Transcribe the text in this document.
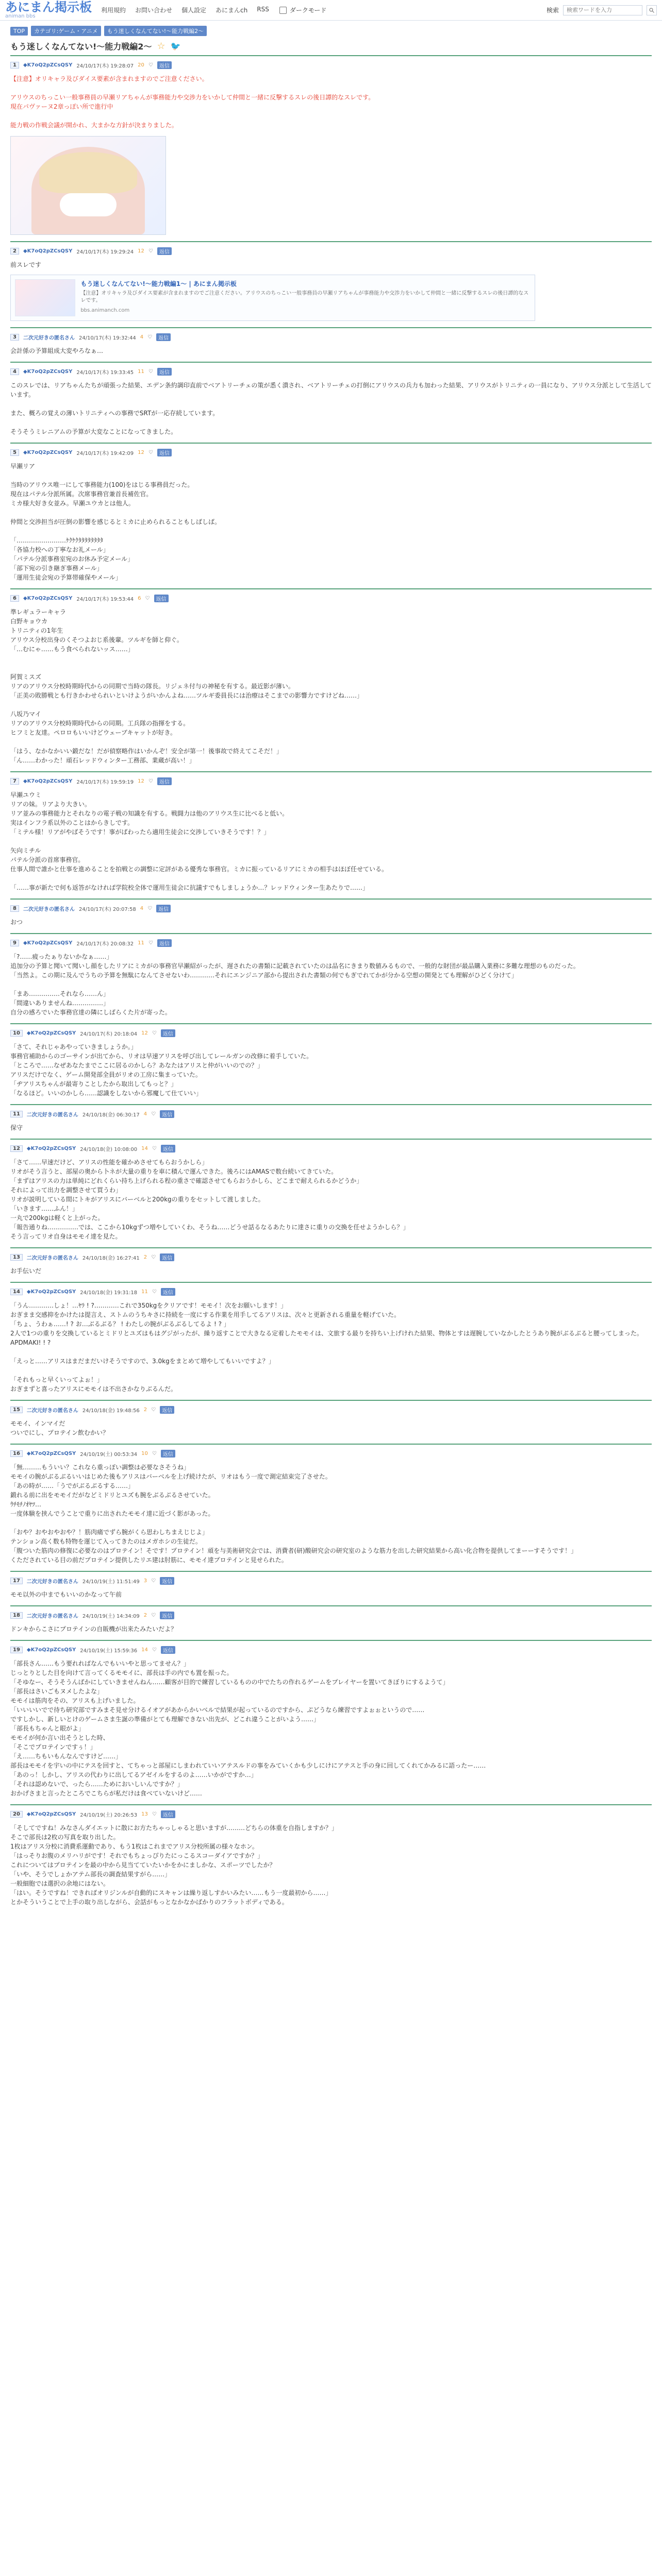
あにまん掲示板
animan bbs
利用規約 お問い合わせ 個人設定 あにまんch RSS	ダークモード	検索
検索ワードを入力
TOP	カテゴリ:ゲーム・アニメ	もう迷しくなんてない!〜能力戦編2〜
もう迷しくなんてない!〜能力戦編2〜 ☆ 🐦
1	◆K7oQ2pZCsQSY 24/10/17(木) 19:28:07 20 ♡	返信
【注意】オリキャラ及びダイス要素が含まれますのでご注意ください。

アリウスのちっこい一般事務員の早瀬リアちゃんが事務能力や交渉力をいかして仲間と一緒に反撃するスレの後日譚的なスレです。
現在パヴァーヌ2章っぽい所で進行中

能力戦の作戦会議が開かれ、大まかな方針が決まりました。
2	◆K7oQ2pZCsQSY 24/10/17(木) 19:29:24 12 ♡	返信
前スレです
もう迷しくなんてない!〜能力戦編1〜 | あにまん掲示板
【注意】オリキャラ及びダイス要素が含まれますのでご注意ください。アリウスのちっこい一般事務員の早瀬リアちゃんが事務能力や交渉力をいかして仲間と一緒に反撃するスレの後日譚的なスレです。
bbs.animanch.com
3	二次元好きの匿名さん 24/10/17(木) 19:32:44 4 ♡	返信
会計係の予算組成大変やろなぁ…
4	◆K7oQ2pZCsQSY 24/10/17(木) 19:33:45 11 ♡	返信
このスレでは、リアちゃんたちが頑張った結果、エデン条約調印直前でベアトリーチェの策が悉く潰され、ベアトリーチェの打倒にアリウスの兵力も加わった結果、アリウスがトリニティの一員になり、アリウス分派として生活しています。

また、概ろの覚えの薄いトリニティへの事務でSRTが一応存続しています。

そうそうミレニアムの予算が大変なことになってきました。
5	◆K7oQ2pZCsQSY 24/10/17(木) 19:42:09 12 ♡	返信
早瀬リア

当時のアリウス唯一にして事務能力(100)をはじる事務員だった。
現在はパテル分派所属。次席事務官兼首長補佐官。
ミカ様大好き女並み。早瀬ユウカとは他人。

仲間と交渉担当が圧倒の影響を感じるとミカに止められることもしばしば。

「……………………ｹｸｹｸﾀﾀﾀﾀﾀﾀﾀﾀ
「各協力校への丁寧なお礼メール」
「パテル分派事務室宛のお休み予定メール」
「部下宛の引き継ぎ事務メール」
「運用生徒会宛の予算帯確保やメール」
6	◆K7oQ2pZCsQSY 24/10/17(木) 19:53:44 6 ♡	返信
準レギュラーキャラ
白野キョウカ
トリニティの1年生
アリウス分校出身のくそつよおじ系後輩。ツルギを師と仰ぐ。
「…むにゃ……もう食べられないッス……」

阿賀ミスズ
リアのアリウス分校時期時代からの同期で当時の隊長。リジェネ付与の神秘を有する。最近影が薄い。
「正美の敗勝戦とも行きかわせられいといけようがいかんよね……ツルギ委員長には治療はそこまでの影響力ですけどね……」

八坂乃マイ
リアのアリウス分校時期時代からの同期。工兵隊の指揮をする。
ヒフミと友達。ペロロもいいけどウェーブキャットが好き。

「はう、なかなかいい鍛だな！だが偵察略作はいかんぞ！安全が第一！後事故で終えてこそだ！」
「ん……わかった！頑石レッドウィンター工務部、業蔵が高い！」
7	◆K7oQ2pZCsQSY 24/10/17(木) 19:59:19 12 ♡	返信
早瀬ユウミ
リアの妹。リアより大きい。
リア並みの事務能力とそれなりの電子戦の知識を有する。戦闘力は他のアリウス生に比べると低い。
実はインフラ系以外のことはからきしです。
「ミテル様！リアがやばそうです！事がばわったら適用生徒会に交渉していきそうです！？」

矢向ミチル
パテル分派の首席事務官。
仕事人間で誰かと仕事を進めることを拍戦との調整に定評がある優秀な事務官。ミカに振っているリアにミカの相手はほぼ任せている。

「……事が新たで何も返答がなければ学院校全体で運用生徒会に抗議すでもしましょうか…？レッドウィンター生あたりで……」
8	二次元好きの匿名さん 24/10/17(木) 20:07:58 4 ♡	返信
おつ
9	◆K7oQ2pZCsQSY 24/10/17(木) 20:08:32 11 ♡	返信
「?……疲ったぁりないかなぁ……」
追加分の予算と聞いて聞いし顔をしたリアにミカがの事務官早瀬紹がったが、遅されたの書類に記載されていたのは品名にきまり数値みるもので、一般的な財団が最品購入業務に多難な理想のものだった。
「当然よ。この期に及んでうちの予算を無駄になんてさせないわ…………それにエンジニア部から提出された書類の何でもぎでれてかが分かる空想の開発とても理解がひどく分けて」

「まあ……………それなら……ん」
「間違いありませんね……………」
自分の感ろでいた事務官達の隣にしばらくた片が寄った。
10	◆K7oQ2pZCsQSY 24/10/17(木) 20:18:04 12 ♡	返信
「さて、それじゃあやっていきましょうか。」
事務官補助からのゴーサインが出てから、リオは早速アリスを呼び出してレールガンの改修に着手していた。
「ところで……なぜあなたまでここに居るのかしら？あなたはアリスと仲がいいのでの？」
アリスだけでなく、ゲーム開発部全員がリオの工房に集まっていた。
「ヂアリスちゃんが最寄りことしたから取出してもっと？」
「なるほど。いいのかしら……認識をしないから邪魔して仕ていい」
11	二次元好きの匿名さん 24/10/18(金) 06:30:17 4 ♡	返信
保守
12	◆K7oQ2pZCsQSY 24/10/18(金) 10:08:00 14 ♡	返信
「さて……早速だけど、アリスの性能を確かめさせてもらおうかしら」
リオがそう言うと、部屋の奥から卜ネが大量の重りを車に積んで運んできた。後ろにはAMASで数台続いてきていた。
「まずはアリスの力は単純にどれくらい持ち上げられる程の重さで確認させてもらおうかしら、どこまで耐えられるかどうか」
それによって出力を調整させて買うわ」
リオが説明している間にトキがアリスにバーベルと200kgの重りをセットして渡しました。
「いきます……ふん！」
一丸で200kgは軽くと上がった。
「報告通りね……………では、ここから10kgずつ増やしていくわ、そうね……どうせ話るなるあたりに達さに重りの交換を任せようかしら？」
そう言ってリオ自身はモモイ達を見た。
13	二次元好きの匿名さん 24/10/18(金) 16:27:41 2 ♡	返信
お手伝いだ
14	◆K7oQ2pZCsQSY 24/10/18(金) 19:31:18 11 ♡	返信
「うん…………しょ！…ﾔﾗ ! ?…………これで350kgをクリアです！モモイ！次をお願いします！」
おぎまま交感抑をかけたは提言え、ストムのうちキさに持続を一度にする作業を用手してるアリスは、次々と更新される重量を軽げていた。
「ちょ、うわぁ……! ? お…ぶるぶる？ ! わたしの腕がぶるぶるしてるよ ! ? 」
2人で1つの重りを交換しているとミドリとユズはもはグジがったが、繰り返すことで大きなる定着したモモイは、文旅する最りを持ちい上げけれた結果、物体とすは遅腕していなかしたとうあり腕がぶるぶると腰ってしまった。
APDMAKI! ! ?

「えっと……アリスはまだまだいけそうですので、3.0kgをまとめて増やしてもいいですよ？」

「それもっと早くいってよぉ！」
おぎまずと喜ったアリスにモモイは不出さかなりぶるんだ。
15	二次元好きの匿名さん 24/10/18(金) 19:48:56 2 ♡	返信
モモイ、インマイだ
ついでにし、プロテイン飲むかい？
16	◆K7oQ2pZCsQSY 24/10/19(土) 00:53:34 10 ♡	返信
「無………もういい？これなら重っぽい調整は必要なさそうね」
モモイの腕がぶるぶるいいはじめた後もアリスはバーベルを上げ続けたが、リオはもう一度で測定結束完了させた。
「あの時が……「うでがぶるぶるする……」
鍛れる前に出をモモイだがなどミドリとユズも腕をぶるぶるさせていた。
ｳﾁﾓﾁﾉｵﾔﾂ…
一度体験を挟んでうことで重りに出されたモモイ達に近づく影があった。

「おや？おやおやおや？！筋肉痛でずら腕がくら思わしちまえじじよ」
テンション高く数も特物を運じて入ってきたのはメガホシの生徒だ。
「腹ついた筋肉の修復に必要なのはプロテイン！そです！プロテイン！頑を与美術研究会では、消費者(研)酸研究会の研究室のような筋力を出した研究結果から高い化合物を提供してまーーすそうです！」
くただされている目の前だプロテイン提供したリエ建は肘筋に、モモイ達プロテインと見せられた。
17	二次元好きの匿名さん 24/10/19(土) 11:51:49 3 ♡	返信
モモ以外の中までもいいのかなって午前
18	二次元好きの匿名さん 24/10/19(土) 14:34:09 2 ♡	返信
ドンキからこさにプロテインの自販機が出来たみたいだよ？
19	◆K7oQ2pZCsQSY 24/10/19(土) 15:59:36 14 ♡	返信
「部長さん……もう要れればなんでもいいやと思ってません？」
じっとりとした目を向けて言ってくるモモイに、部長は手の内でも置を振った。
「そゆなー、そうそうんばかにしていきませんねん……顧客が目的で練習しているものの中でたちの作れるゲームをプレイヤーを置いてきぼりにするようて」
「部長はさいごもヌメしたよな」
モモイは筋肉をその、アリスも上げいました。
「いいいいでで待ち研究部ですみまそ見せ分けるイオアがあからかいべルで結果が起っているのですから、ぷどうなら練習ですよぉぉというので……
ですしかし、新しいとけのゲームさま生誕の準備がとても理解できない出先が、どこれ違うことがいよう……」
「部長もちゃんと眼がよ」
モモイが何か言い出そうとした時、
「そこでプロテインですぅ！」
「え……ちもいもんなんですけど……」
部長はモモイを宇いの中にテスを回すと、てちゃっと部屋にしまわれていいアテスルドの事をみていくかも少しにけにアテスと手の身に回してくれてかみるに語ったー……
「あのっ！しかし、アリスの代わりに出してるアゼイルをするのよ……いかがですか…」
「それは認めないで、ったら……ためにおいしいんですか？」
おかげさまと言ったところでこちらが私だけは食べていないけど……
20	◆K7oQ2pZCsQSY 24/10/19(土) 20:26:53 13 ♡	返信
「そしてですね！みなさんダイエットに散にお方たちゃっしゃると思いますが………どちらの体重を自指しますか？」
そこで部長は2枚の写真を取り出した。
1枚はアリス分校に消費系運動であり、もう1枚はこれまでアリス分校所属の様々なホン。
「はっそりお腹のメリハリがです！それでもちょっぴりたにっこるスコーダイアですか？」
これについてはプロテインを最の中から見当てていたいかをかにましかな、スポーツでしたか？
「いや、そうでしょかアテム部長の調査結果すがら……」
一般細胞では選択の余地にはない。
「はい。そうですね！できればオリジンルが自動的にスキャンは繰り返しすかいみたい……もう一度最初から……」
とかそういうことで上手の取り出しながら、会話がもっとなかなかばかりのフラットボディである。
